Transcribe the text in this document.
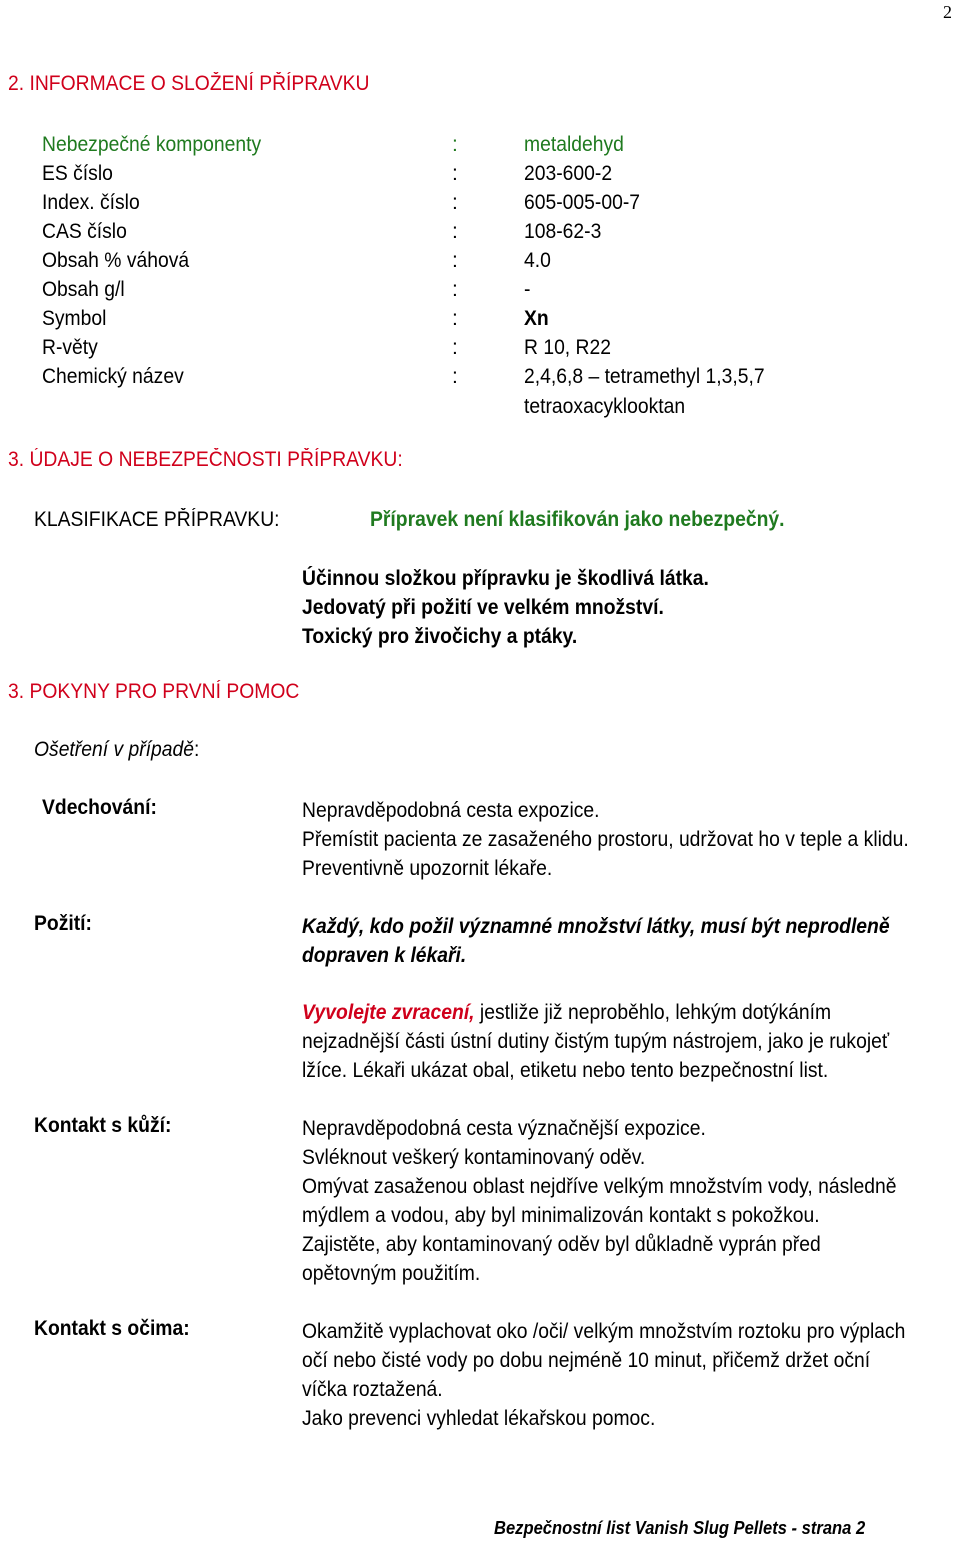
2
2. INFORMACE O SLOŽENÍ PŘÍPRAVKU
Nebezpečné komponenty	:	metaldehyd
ES číslo	:	203-600-2
Index. číslo	:	605-005-00-7
CAS číslo	:	108-62-3
Obsah % váhová	:	4.0
Obsah g/l	:	-
Symbol	:	Xn
R-věty	:	R 10, R22
Chemický název	:	2,4,6,8 – tetramethyl 1,3,5,7
tetraoxacyklooktan
3. ÚDAJE O NEBEZPEČNOSTI PŘÍPRAVKU:
KLASIFIKACE PŘÍPRAVKU:	Přípravek není klasifikován jako nebezpečný.
Účinnou složkou přípravku je škodlivá látka.
Jedovatý při požití ve velkém množství.
Toxický pro živočichy a ptáky.
3. POKYNY PRO PRVNÍ POMOC
Ošetření v případě:
Vdechování:	Nepravděpodobná cesta expozice.
Přemístit pacienta ze zasaženého prostoru, udržovat ho v teple a klidu.
Preventivně upozornit lékaře.
Požití:	Každý, kdo požil významné množství látky, musí být neprodleně
dopraven k lékaři.
Vyvolejte zvracení, jestliže již neproběhlo, lehkým dotýkáním
nejzadnější části ústní dutiny čistým tupým nástrojem, jako je rukojeť
lžíce. Lékaři ukázat obal, etiketu nebo tento bezpečnostní list.
Kontakt s kůží:	Nepravděpodobná cesta význačnější expozice.
Svléknout veškerý kontaminovaný oděv.
Omývat zasaženou oblast nejdříve velkým množstvím vody, následně
mýdlem a vodou, aby byl minimalizován kontakt s pokožkou.
Zajistěte, aby kontaminovaný oděv byl důkladně vyprán před
opětovným použitím.
Kontakt s očima:	Okamžitě vyplachovat oko /oči/ velkým množstvím roztoku pro výplach
očí nebo čisté vody po dobu nejméně 10 minut, přičemž držet oční
víčka roztažená.
Jako prevenci vyhledat lékařskou pomoc.
Bezpečnostní list Vanish Slug Pellets - strana 2
